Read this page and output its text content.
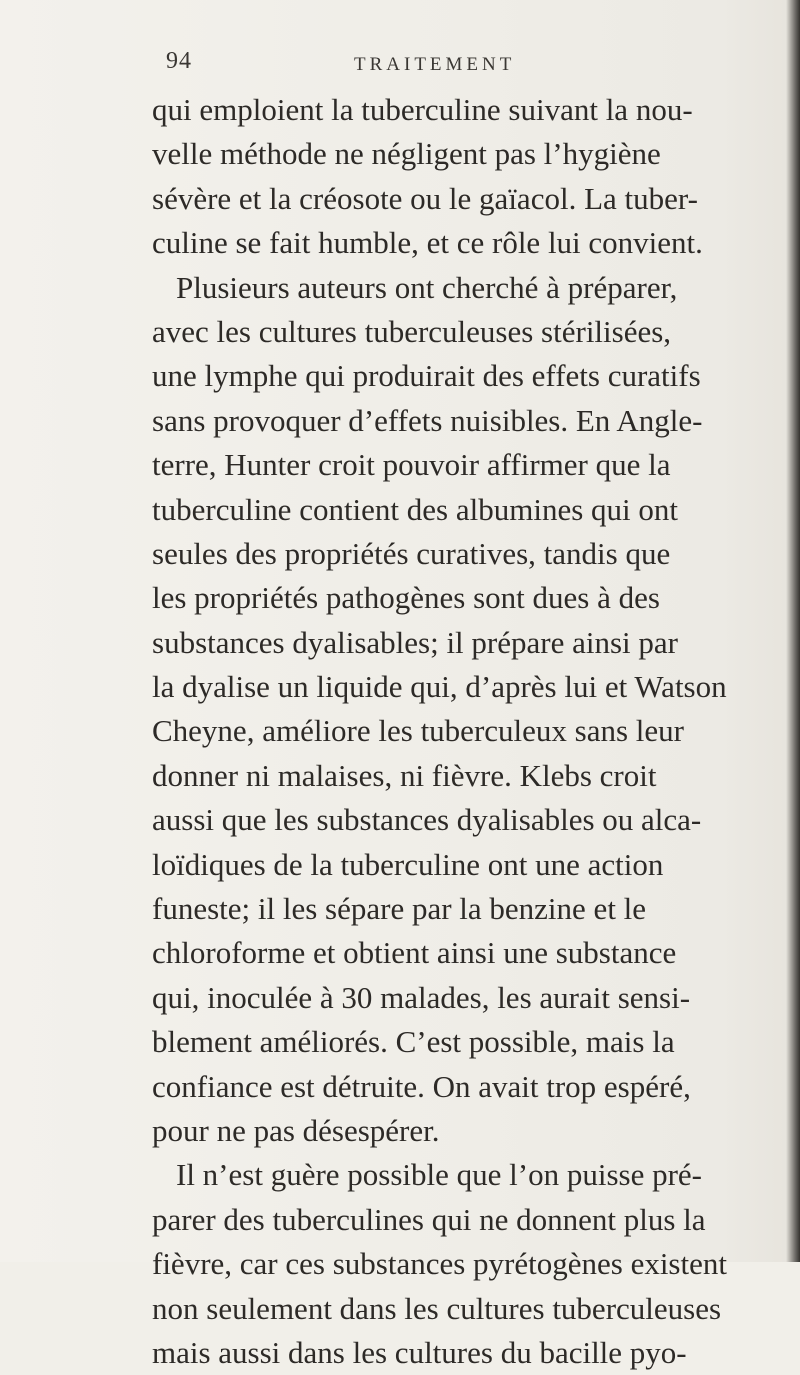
94	TRAITEMENT
qui emploient la tuberculine suivant la nou-
velle méthode ne négligent pas l’hygiène
sévère et la créosote ou le gaïacol. La tuber-
culine se fait humble, et ce rôle lui convient.
Plusieurs auteurs ont cherché à préparer,
avec les cultures tuberculeuses stérilisées,
une lymphe qui produirait des effets curatifs
sans provoquer d’effets nuisibles. En Angle-
terre, Hunter croit pouvoir affirmer que la
tuberculine contient des albumines qui ont
seules des propriétés curatives, tandis que
les propriétés pathogènes sont dues à des
substances dyalisables; il prépare ainsi par
la dyalise un liquide qui, d’après lui et Watson
Cheyne, améliore les tuberculeux sans leur
donner ni malaises, ni fièvre. Klebs croit
aussi que les substances dyalisables ou alca-
loïdiques de la tuberculine ont une action
funeste; il les sépare par la benzine et le
chloroforme et obtient ainsi une substance
qui, inoculée à 30 malades, les aurait sensi-
blement améliorés. C’est possible, mais la
confiance est détruite. On avait trop espéré,
pour ne pas désespérer.
Il n’est guère possible que l’on puisse pré-
parer des tuberculines qui ne donnent plus la
fièvre, car ces substances pyrétogènes existent
non seulement dans les cultures tuberculeuses
mais aussi dans les cultures du bacille pyo-
